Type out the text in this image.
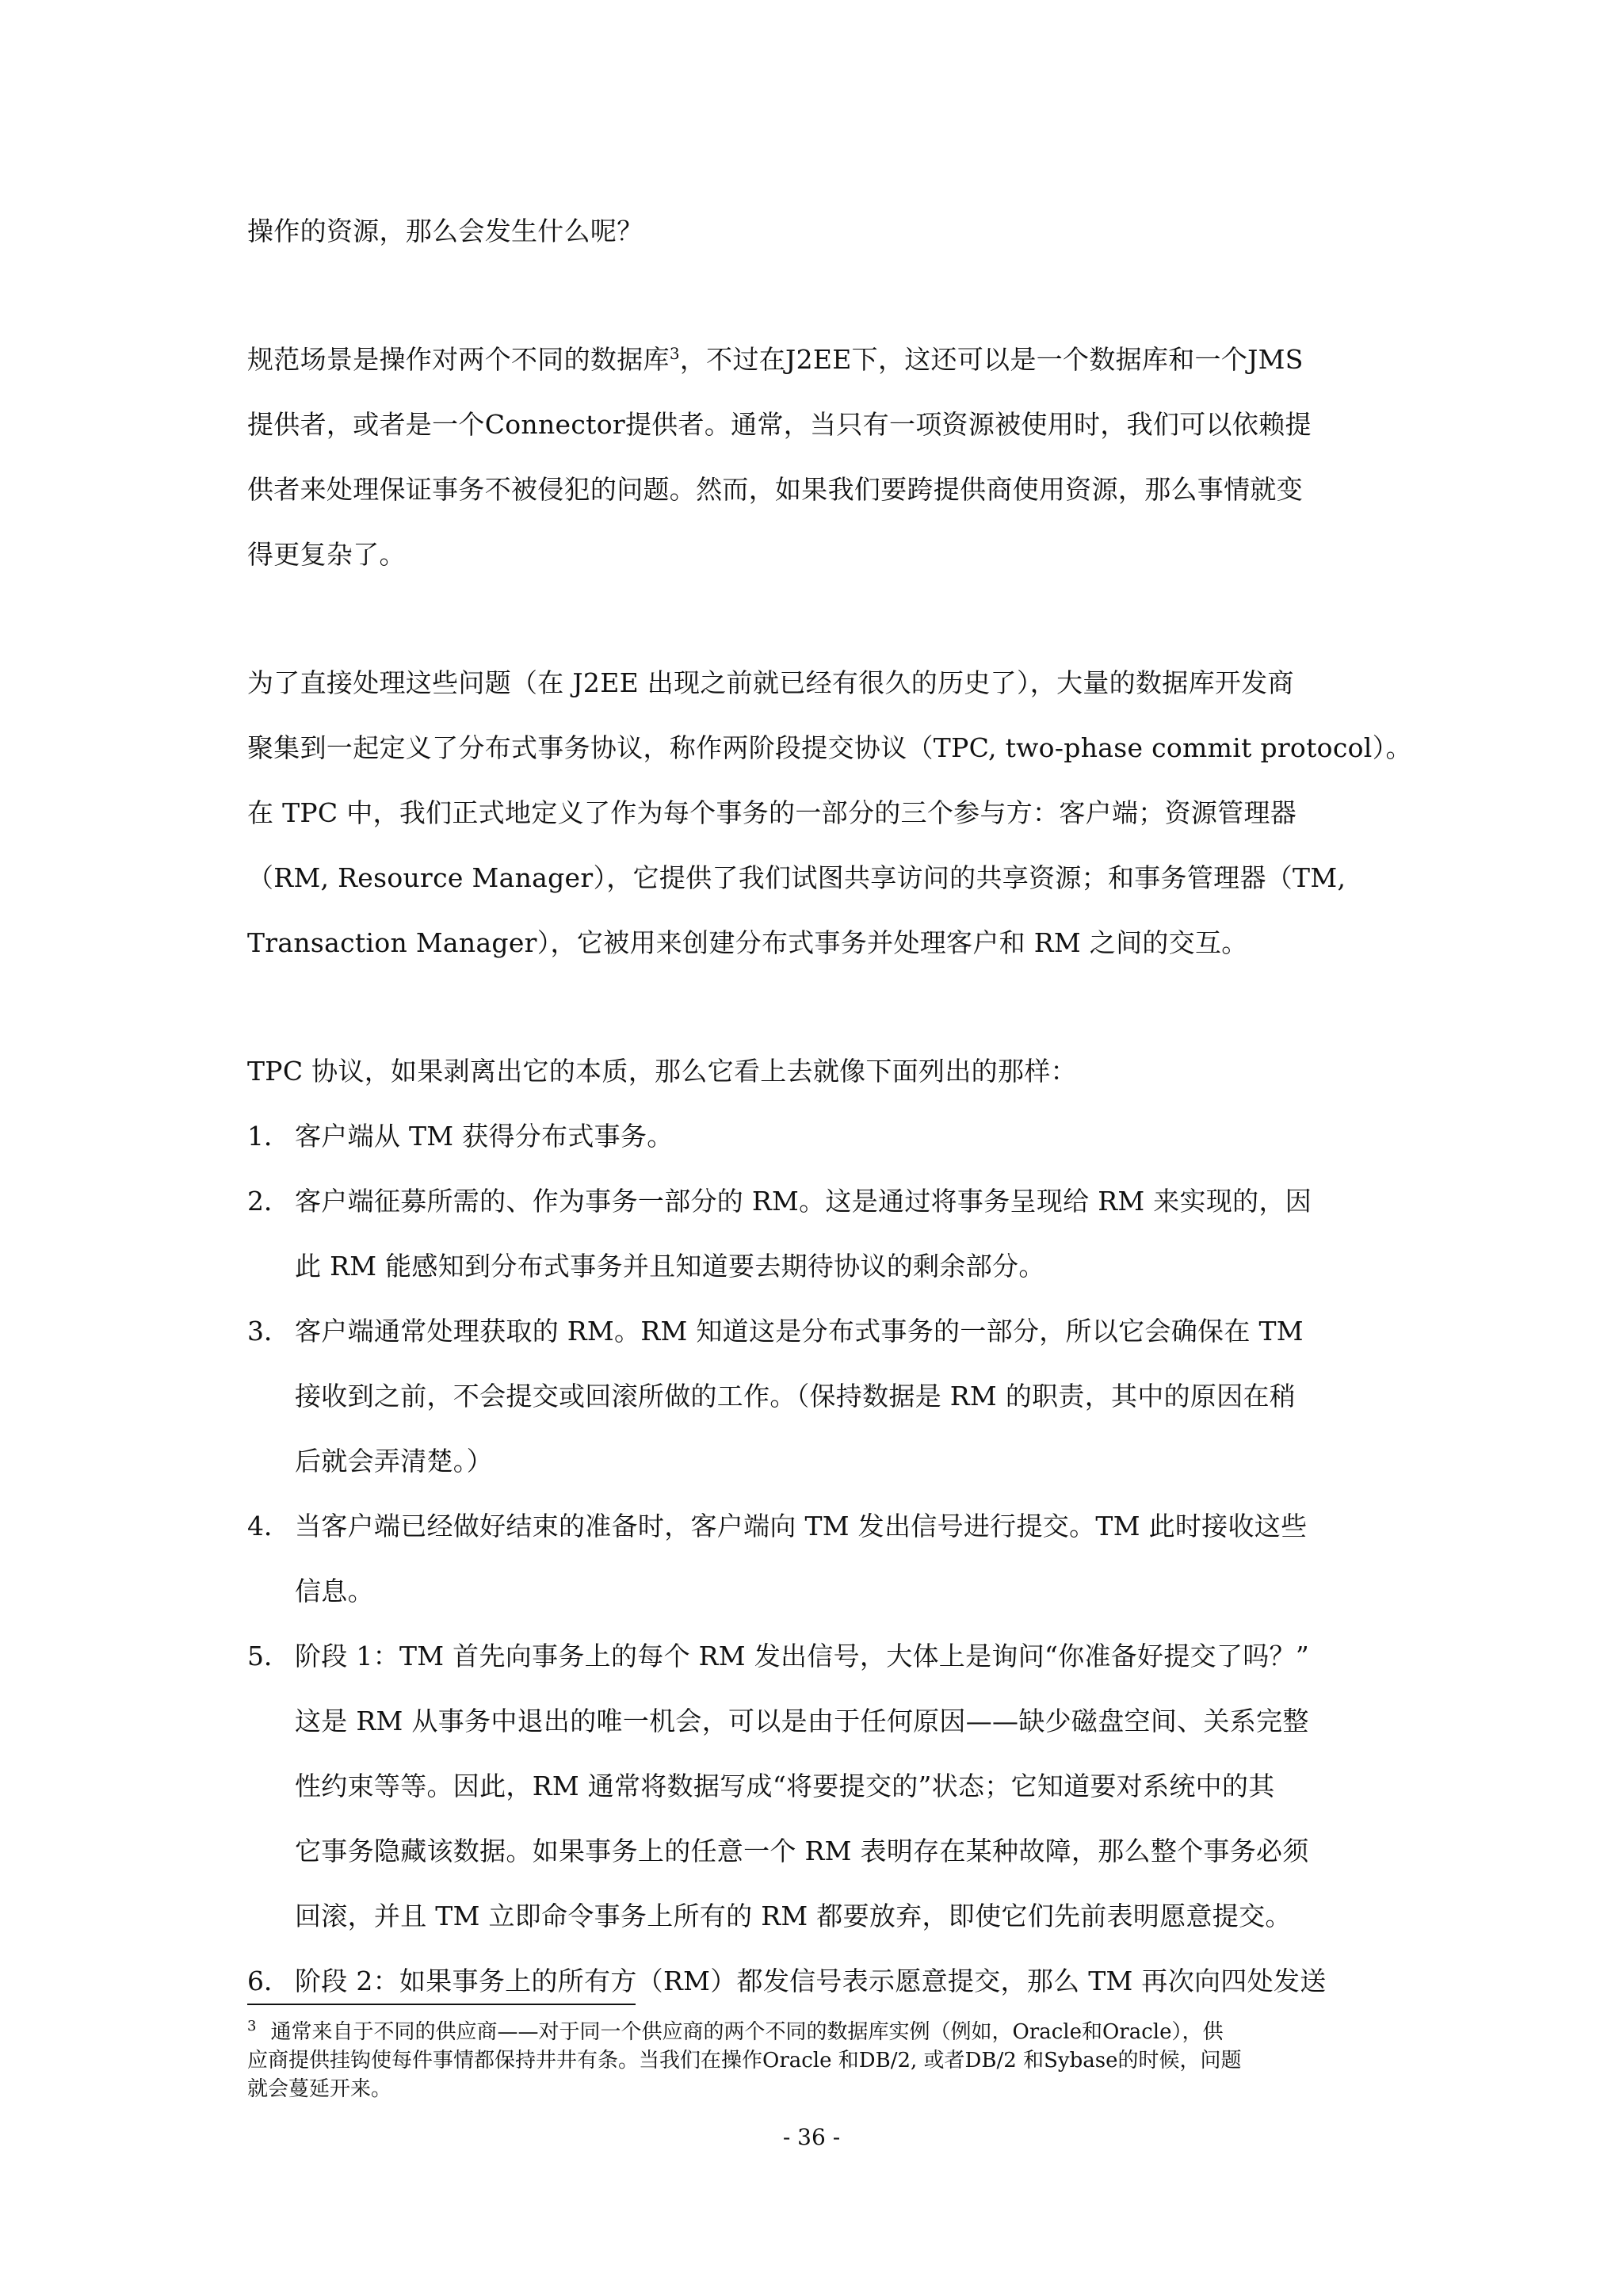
操作的资源，那么会发生什么呢？
规范场景是操作对两个不同的数据库$^3$，不过在J2EE下，这还可以是一个数据库和一个JMS
提供者，或者是一个Connector提供者。通常，当只有一项资源被使用时，我们可以依赖提
供者来处理保证事务不被侵犯的问题。然而，如果我们要跨提供商使用资源，那么事情就变
得更复杂了。
为了直接处理这些问题（在 J2EE 出现之前就已经有很久的历史了），大量的数据库开发商
聚集到一起定义了分布式事务协议，称作两阶段提交协议（TPC, two-phase commit protocol）。
在 TPC 中，我们正式地定义了作为每个事务的一部分的三个参与方：客户端；资源管理器
（RM, Resource Manager），它提供了我们试图共享访问的共享资源；和事务管理器（TM,
Transaction Manager），它被用来创建分布式事务并处理客户和 RM 之间的交互。
TPC 协议，如果剥离出它的本质，那么它看上去就像下面列出的那样：
1． 客户端从 TM 获得分布式事务。
2． 客户端征募所需的、作为事务一部分的 RM。这是通过将事务呈现给 RM 来实现的，因
此 RM 能感知到分布式事务并且知道要去期待协议的剩余部分。
3． 客户端通常处理获取的 RM。RM 知道这是分布式事务的一部分，所以它会确保在 TM
接收到之前，不会提交或回滚所做的工作。（保持数据是 RM 的职责，其中的原因在稍
后就会弄清楚。）
4． 当客户端已经做好结束的准备时，客户端向 TM 发出信号进行提交。TM 此时接收这些
信息。
5． 阶段 1：TM 首先向事务上的每个 RM 发出信号，大体上是询问“你准备好提交了吗？”
这是 RM 从事务中退出的唯一机会，可以是由于任何原因——缺少磁盘空间、关系完整
性约束等等。因此，RM 通常将数据写成“将要提交的”状态；它知道要对系统中的其
它事务隐藏该数据。如果事务上的任意一个 RM 表明存在某种故障，那么整个事务必须
回滚，并且 TM 立即命令事务上所有的 RM 都要放弃，即使它们先前表明愿意提交。
6． 阶段 2：如果事务上的所有方（RM）都发信号表示愿意提交，那么 TM 再次向四处发送
$^3$ 通常来自于不同的供应商——对于同一个供应商的两个不同的数据库实例（例如，Oracle和Oracle），供
应商提供挂钩使每件事情都保持井井有条。当我们在操作Oracle 和DB/2, 或者DB/2 和Sybase的时候，问题
就会蔓延开来。
- 36 -
